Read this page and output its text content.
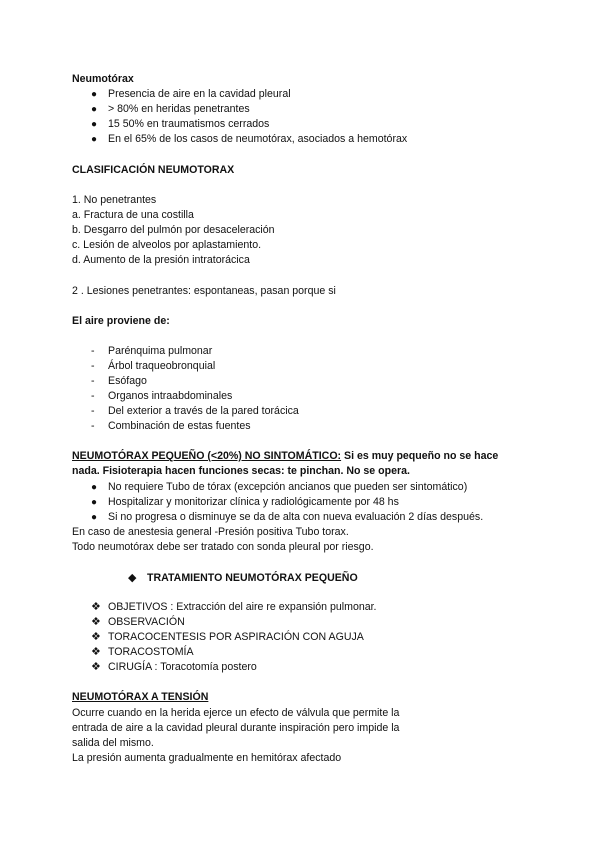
Neumotórax
● Presencia de aire en la cavidad pleural
● > 80% en heridas penetrantes
● 15 50% en traumatismos cerrados
● En el 65% de los casos de neumotórax, asociados a hemotórax
CLASIFICACIÓN NEUMOTORAX
1. No penetrantes
a. Fractura de una costilla
b. Desgarro del pulmón por desaceleración
c. Lesión de alveolos por aplastamiento.
d. Aumento de la presión intratorácica
2 . Lesiones penetrantes: espontaneas, pasan porque si
El aire proviene de:
- Parénquima pulmonar
- Árbol traqueobronquial
- Esófago
- Organos intraabdominales
- Del exterior a través de la pared torácica
- Combinación de estas fuentes
NEUMOTÓRAX PEQUEÑO (<20%) NO SINTOMÁTICO: Si es muy pequeño no se hace
nada. Fisioterapia hacen funciones secas: te pinchan. No se opera.
● No requiere Tubo de tórax (excepción ancianos que pueden ser sintomático)
● Hospitalizar y monitorizar clínica y radiológicamente por 48 hs
● Si no progresa o disminuye se da de alta con nueva evaluación 2 días después.
En caso de anestesia general -Presión positiva Tubo torax.
Todo neumotórax debe ser tratado con sonda pleural por riesgo.
◆ TRATAMIENTO NEUMOTÓRAX PEQUEÑO
❖ OBJETIVOS : Extracción del aire re expansión pulmonar.
❖ OBSERVACIÓN
❖ TORACOCENTESIS POR ASPIRACIÓN CON AGUJA
❖ TORACOSTOMÍA
❖ CIRUGÍA : Toracotomía postero
NEUMOTÓRAX A TENSIÓN
Ocurre cuando en la herida ejerce un efecto de válvula que permite la
entrada de aire a la cavidad pleural durante inspiración pero impide la
salida del mismo.
La presión aumenta gradualmente en hemitórax afectado
